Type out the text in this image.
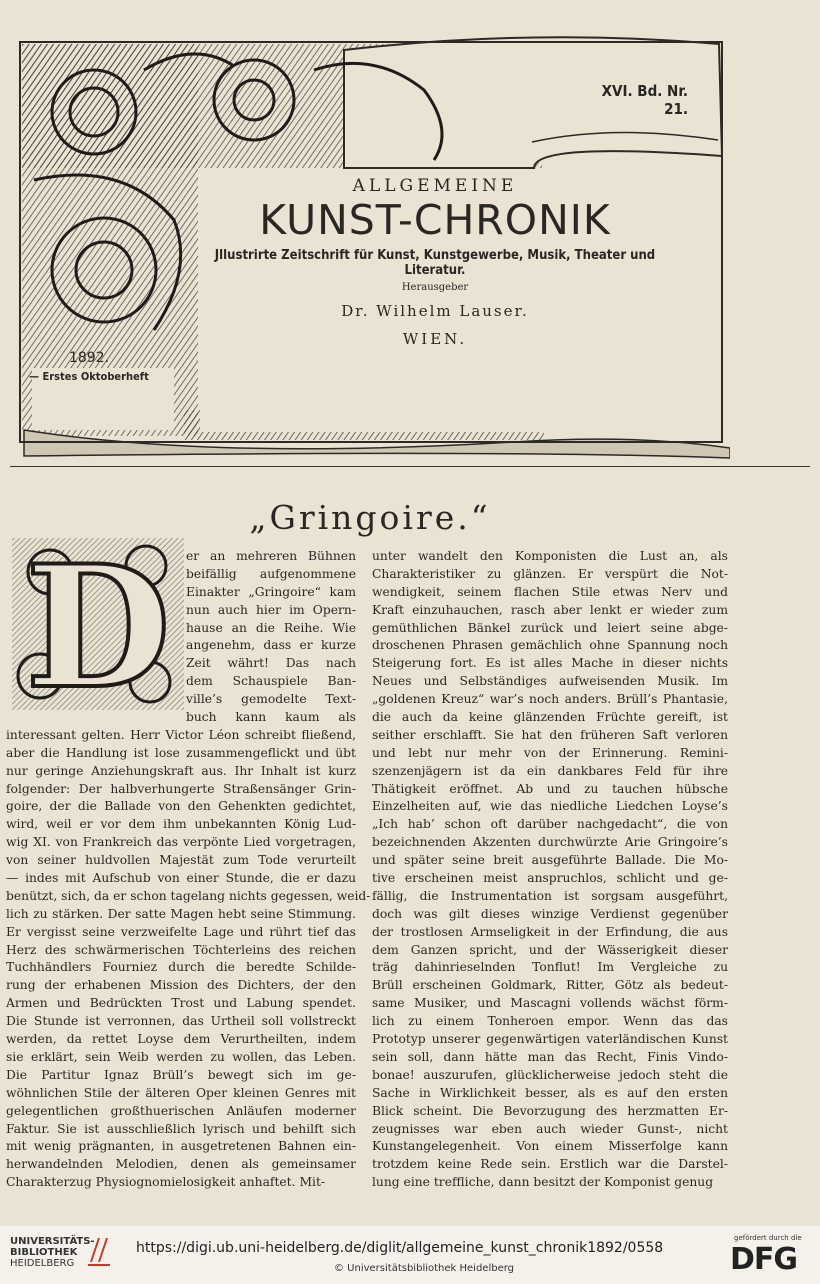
XVI. Bd. Nr. 21.
ALLGEMEINE
KUNST-CHRONIK
Jllustrirte Zeitschrift für Kunst, Kunstgewerbe, Musik, Theater und Literatur.
Herausgeber
Dr. Wilhelm Lauser.
WIEN.
1892.
— Erstes Oktoberheft
„Gringoire.“
D	er an mehreren Bühnen
beifällig aufgenommene
Einakter „Gringoire“ kam
nun auch hier im Opern-
hause an die Reihe. Wie
angenehm, dass er kurze
Zeit währt! Das nach
dem Schauspiele Ban-
ville’s gemodelte Text-
buch kann kaum als
interessant gelten. Herr Victor Léon schreibt fließend,
aber die Handlung ist lose zusammengeflickt und übt
nur geringe Anziehungskraft aus. Ihr Inhalt ist kurz
folgender: Der halbverhungerte Straßensänger Grin-
goire, der die Ballade von den Gehenkten gedichtet,
wird, weil er vor dem ihm unbekannten König Lud-
wig XI. von Frankreich das verpönte Lied vorgetragen,
von seiner huldvollen Majestät zum Tode verurteilt
— indes mit Aufschub von einer Stunde, die er dazu
benützt, sich, da er schon tagelang nichts gegessen, weid-
lich zu stärken. Der satte Magen hebt seine Stimmung.
Er vergisst seine verzweifelte Lage und rührt tief das
Herz des schwärmerischen Töchterleins des reichen
Tuchhändlers Fourniez durch die beredte Schilde-
rung der erhabenen Mission des Dichters, der den
Armen und Bedrückten Trost und Labung spendet.
Die Stunde ist verronnen, das Urtheil soll vollstreckt
werden, da rettet Loyse dem Verurtheilten, indem
sie erklärt, sein Weib werden zu wollen, das Leben.
Die Partitur Ignaz Brüll’s bewegt sich im ge-
wöhnlichen Stile der älteren Oper kleinen Genres mit
gelegentlichen großthuerischen Anläufen moderner
Faktur. Sie ist ausschließlich lyrisch und behilft sich
mit wenig prägnanten, in ausgetretenen Bahnen ein-
herwandelnden Melodien, denen als gemeinsamer
Charakterzug Physiognomielosigkeit anhaftet. Mit-
unter wandelt den Komponisten die Lust an, als
Charakteristiker zu glänzen. Er verspürt die Not-
wendigkeit, seinem flachen Stile etwas Nerv und
Kraft einzuhauchen, rasch aber lenkt er wieder zum
gemüthlichen Bänkel zurück und leiert seine abge-
droschenen Phrasen gemächlich ohne Spannung noch
Steigerung fort. Es ist alles Mache in dieser nichts
Neues und Selbständiges aufweisenden Musik. Im
„goldenen Kreuz“ war’s noch anders. Brüll’s Phantasie,
die auch da keine glänzenden Früchte gereift, ist
seither erschlafft. Sie hat den früheren Saft verloren
und lebt nur mehr von der Erinnerung. Remini-
szenzenjägern ist da ein dankbares Feld für ihre
Thätigkeit eröffnet. Ab und zu tauchen hübsche
Einzelheiten auf, wie das niedliche Liedchen Loyse’s
„Ich hab’ schon oft darüber nachgedacht“, die von
bezeichnenden Akzenten durchwürzte Arie Gringoire’s
und später seine breit ausgeführte Ballade. Die Mo-
tive erscheinen meist anspruchlos, schlicht und ge-
fällig, die Instrumentation ist sorgsam ausgeführt,
doch was gilt dieses winzige Verdienst gegenüber
der trostlosen Armseligkeit in der Erfindung, die aus
dem Ganzen spricht, und der Wässerigkeit dieser
träg dahinrieselnden Tonflut! Im Vergleiche zu
Brüll erscheinen Goldmark, Ritter, Götz als bedeut-
same Musiker, und Mascagni vollends wächst förm-
lich zu einem Tonheroen empor. Wenn das das
Prototyp unserer gegenwärtigen vaterländischen Kunst
sein soll, dann hätte man das Recht, Finis Vindo-
bonae! auszurufen, glücklicherweise jedoch steht die
Sache in Wirklichkeit besser, als es auf den ersten
Blick scheint. Die Bevorzugung des herzmatten Er-
zeugnisses war eben auch wieder Gunst-, nicht
Kunstangelegenheit. Von einem Misserfolge kann
trotzdem keine Rede sein. Erstlich war die Darstel-
lung eine treffliche, dann besitzt der Komponist genug
UNIVERSITÄTS-
BIBLIOTHEK
HEIDELBERG
https://digi.ub.uni-heidelberg.de/diglit/allgemeine_kunst_chronik1892/0558
© Universitätsbibliothek Heidelberg
gefördert durch die
DFG
